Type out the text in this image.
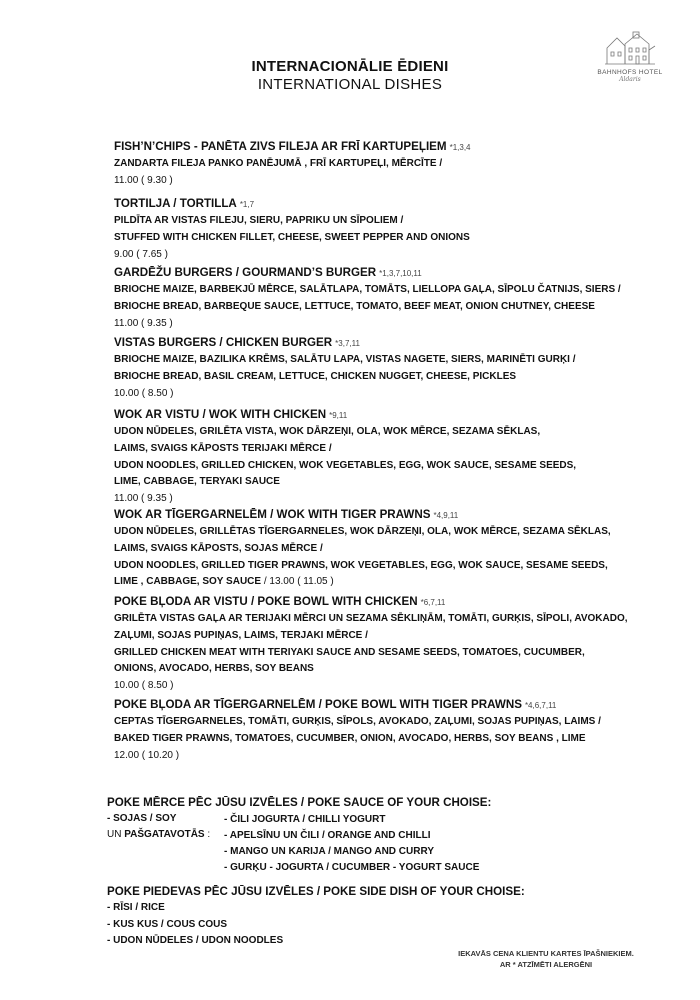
BAHNHOFS HOTEL
Aldaris
INTERNACIONĀLIE ĒDIENI
INTERNATIONAL DISHES
FISH’N’CHIPS - PANĒTA ZIVS FILEJA AR FRĪ KARTUPEĻIEM *1,3,4
ZANDARTA FILEJA PANKO PANĒJUMĀ , FRĪ KARTUPEĻI, MĒRCĪTE /
11.00 ( 9.30 )
TORTILJA / TORTILLA *1,7
PILDĪTA AR VISTAS FILEJU, SIERU, PAPRIKU UN SĪPOLIEM /
STUFFED WITH CHICKEN FILLET, CHEESE, SWEET PEPPER AND ONIONS
9.00 ( 7.65 )
GARDĒŽU BURGERS / GOURMAND’S BURGER *1,3,7,10,11
BRIOCHE MAIZE, BARBEKJŪ MĒRCE, SALĀTLAPA, TOMĀTS, LIELLOPA GAĻA, SĪPOLU ČATNIJS, SIERS /
BRIOCHE BREAD, BARBEQUE SAUCE, LETTUCE, TOMATO, BEEF MEAT, ONION CHUTNEY, CHEESE
11.00 ( 9.35 )
VISTAS BURGERS / CHICKEN BURGER *3,7,11
BRIOCHE MAIZE, BAZILIKA KRĒMS, SALĀTU LAPA, VISTAS NAGETE, SIERS, MARINĒTI GURĶI /
BRIOCHE BREAD, BASIL CREAM, LETTUCE, CHICKEN NUGGET, CHEESE, PICKLES
10.00 ( 8.50 )
WOK AR VISTU / WOK WITH CHICKEN *9,11
UDON NŪDELES, GRILĒTA VISTA, WOK DĀRZEŅI, OLA, WOK MĒRCE, SEZAMA SĒKLAS,
LAIMS, SVAIGS KĀPOSTS TERIJAKI MĒRCE /
UDON NOODLES, GRILLED CHICKEN, WOK VEGETABLES, EGG, WOK SAUCE, SESAME SEEDS,
LIME, CABBAGE, TERYAKI SAUCE
11.00 ( 9.35 )
WOK AR TĪGERGARNELĒM / WOK WITH TIGER PRAWNS *4,9,11
UDON NŪDELES, GRILLĒTAS TĪGERGARNELES, WOK DĀRZEŅI, OLA, WOK MĒRCE, SEZAMA SĒKLAS,
LAIMS, SVAIGS KĀPOSTS, SOJAS MĒRCE /
UDON NOODLES, GRILLED TIGER PRAWNS, WOK VEGETABLES, EGG, WOK SAUCE, SESAME SEEDS,
LIME , CABBAGE, SOY SAUCE / 13.00 ( 11.05 )
POKE BĻODA AR VISTU / POKE BOWL WITH CHICKEN *6,7,11
GRILĒTA VISTAS GAĻA AR TERIJAKI MĒRCI UN SEZAMA SĒKLIŅĀM, TOMĀTI, GURĶIS, SĪPOLI, AVOKADO,
ZAĻUMI, SOJAS PUPIŅAS, LAIMS, TERJAKI MĒRCE /
GRILLED CHICKEN MEAT WITH TERIYAKI SAUCE AND SESAME SEEDS, TOMATOES, CUCUMBER,
ONIONS, AVOCADO, HERBS, SOY BEANS
10.00 ( 8.50 )
POKE BĻODA AR TĪGERGARNELĒM / POKE BOWL WITH TIGER PRAWNS *4,6,7,11
CEPTAS TĪGERGARNELES, TOMĀTI, GURĶIS, SĪPOLS, AVOKADO, ZAĻUMI, SOJAS PUPIŅAS, LAIMS /
BAKED TIGER PRAWNS, TOMATOES, CUCUMBER, ONION, AVOCADO, HERBS, SOY BEANS , LIME
12.00 ( 10.20 )
POKE MĒRCE PĒC JŪSU IZVĒLES / POKE SAUCE OF YOUR CHOISE:
- SOJAS / SOY
UN PAŠGATAVOTĀS :
- ČILI JOGURTA / CHILLI YOGURT
- APELSĪNU UN ČILI / ORANGE AND CHILLI
- MANGO UN KARIJA / MANGO AND CURRY
- GURĶU - JOGURTA / CUCUMBER - YOGURT SAUCE
POKE PIEDEVAS PĒC JŪSU IZVĒLES / POKE SIDE DISH OF YOUR CHOISE:
- RĪSI / RICE
- KUS KUS / COUS COUS
- UDON NŪDELES / UDON NOODLES
IEKAVĀS CENA KLIENTU KARTES ĪPAŠNIEKIEM.
AR * ATZĪMĒTI ALERGĒNI
